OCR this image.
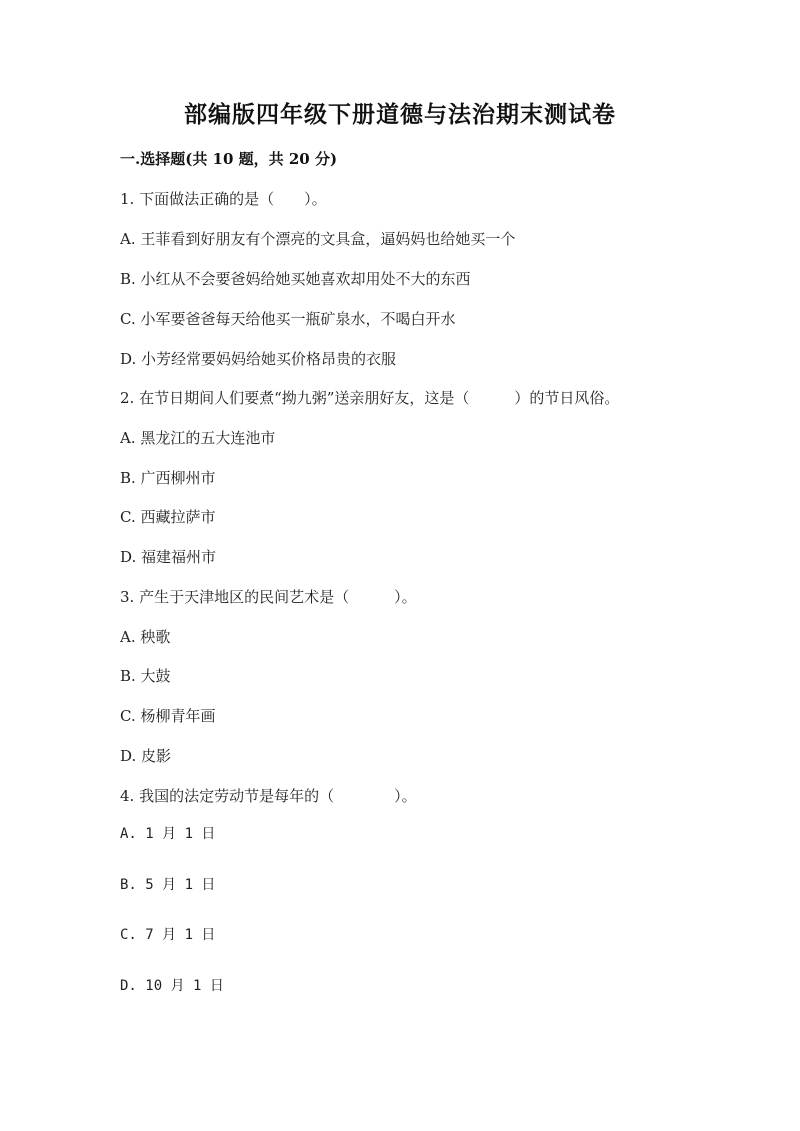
部编版四年级下册道德与法治期末测试卷
一.选择题(共 10 题，共 20 分)
1. 下面做法正确的是（　　）。
A. 王菲看到好朋友有个漂亮的文具盒，逼妈妈也给她买一个
B. 小红从不会要爸妈给她买她喜欢却用处不大的东西
C. 小军要爸爸每天给他买一瓶矿泉水，不喝白开水
D. 小芳经常要妈妈给她买价格昂贵的衣服
2. 在节日期间人们要煮“拗九粥”送亲朋好友，这是（　　　）的节日风俗。
A. 黑龙江的五大连池市
B. 广西柳州市
C. 西藏拉萨市
D. 福建福州市
3. 产生于天津地区的民间艺术是（　　　）。
A. 秧歌
B. 大鼓
C. 杨柳青年画
D. 皮影
4. 我国的法定劳动节是每年的（　　　　）。
A. 1 月 1 日
B. 5 月 1 日
C. 7 月 1 日
D. 10 月 1 日
